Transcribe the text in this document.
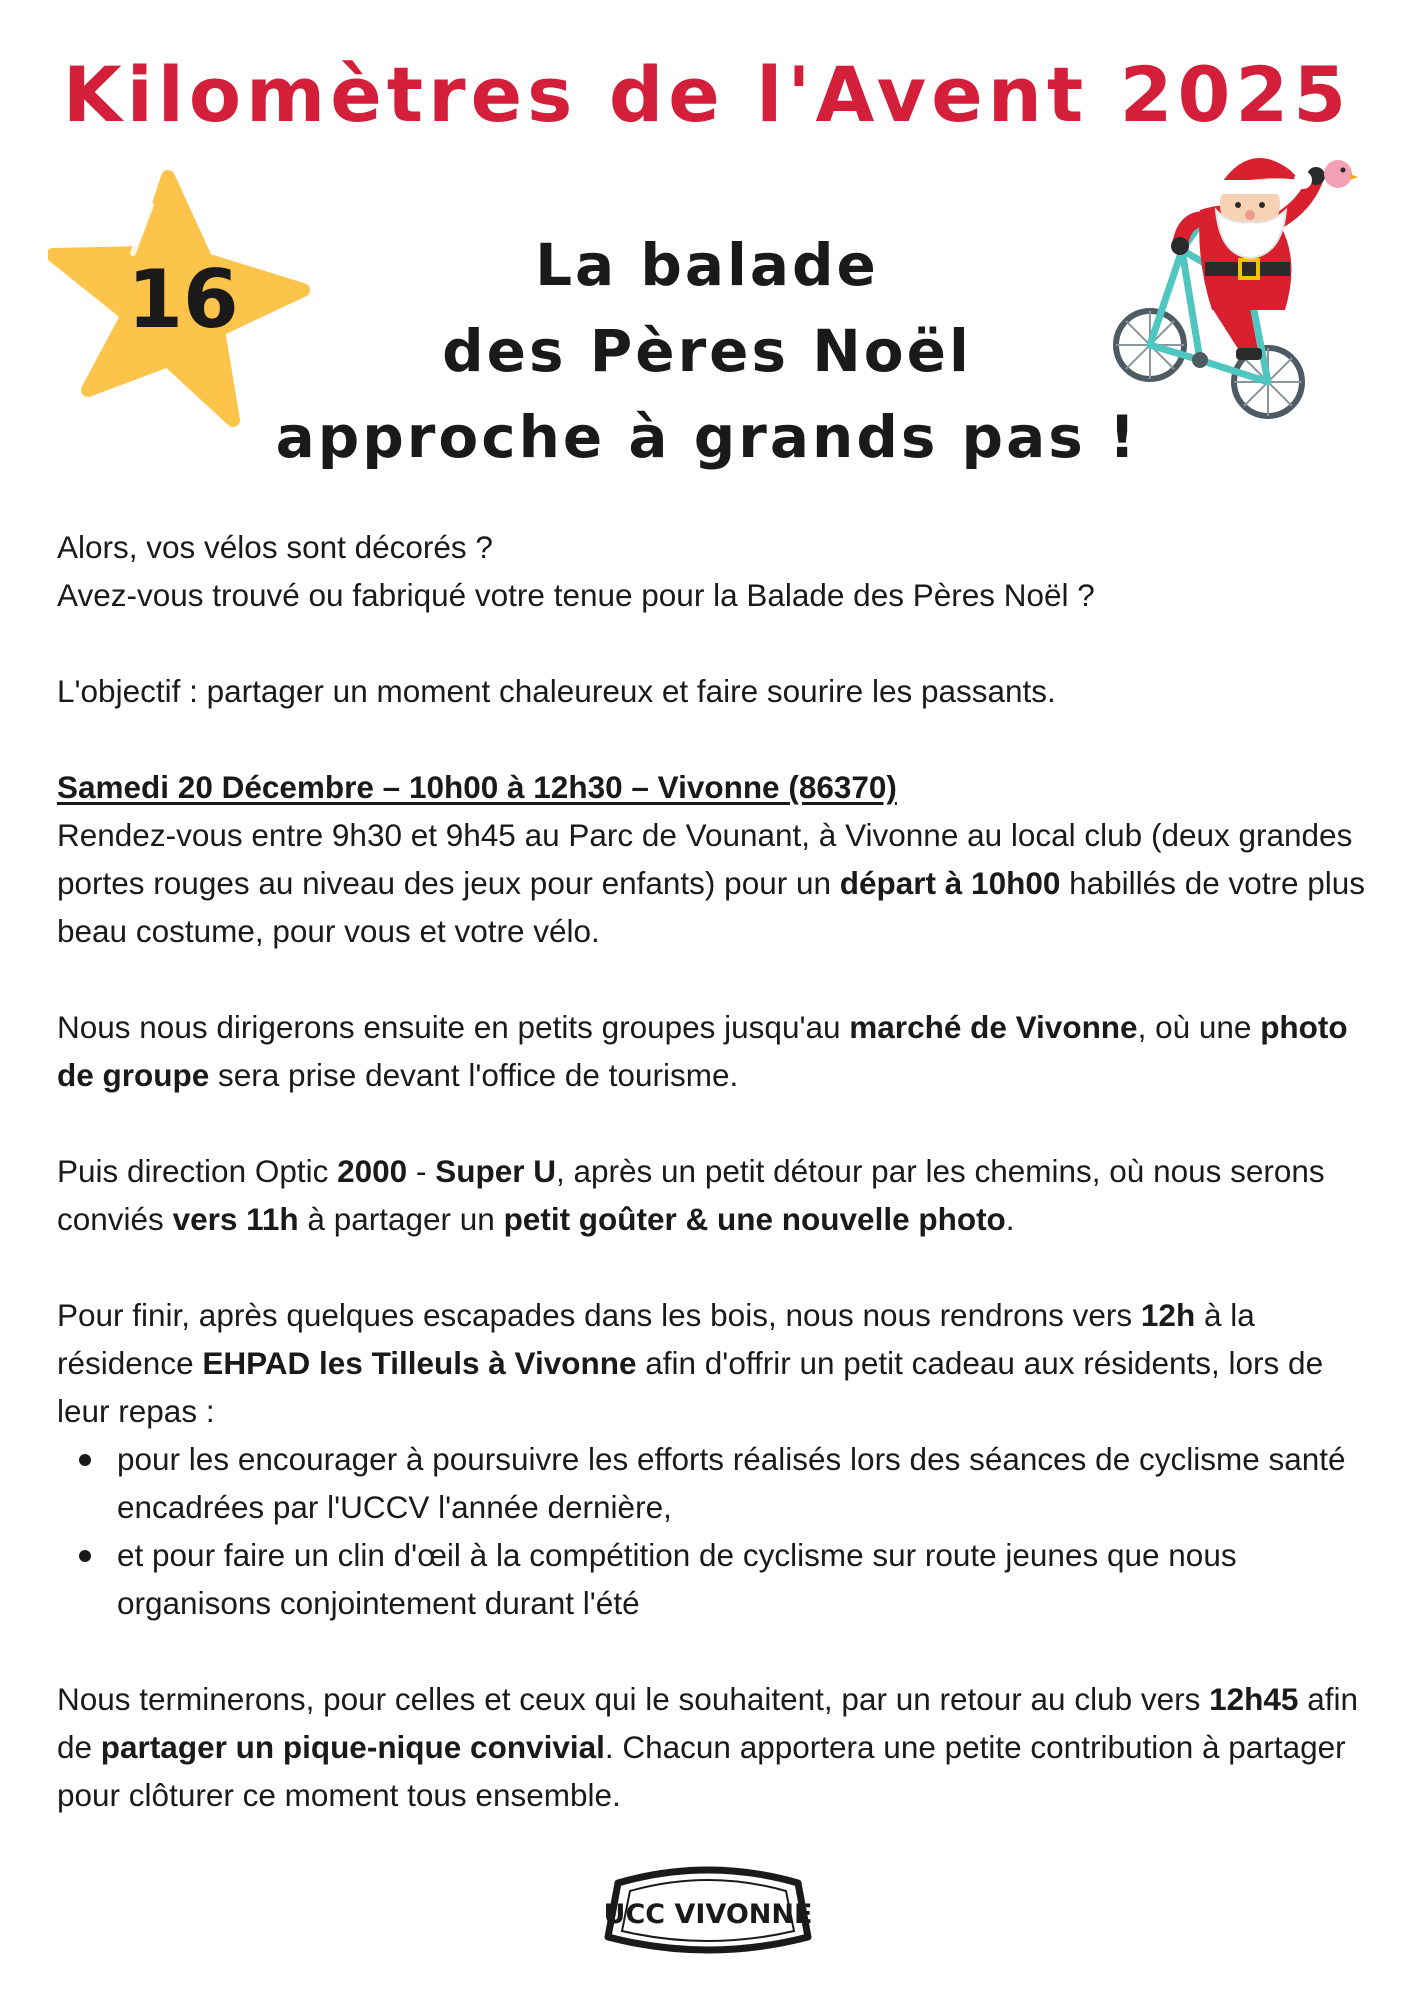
Kilomètres de l'Avent 2025
16	La balade
des Pères Noël
approche à grands pas !

Alors, vos vélos sont décorés ?

Avez-vous trouvé ou fabriqué votre tenue pour la Balade des Pères Noël ?

L'objectif : partager un moment chaleureux et faire sourire les passants.

Samedi 20 Décembre – 10h00 à 12h30 – Vivonne (86370)

Rendez-vous entre 9h30 et 9h45 au Parc de Vounant, à Vivonne au local club (deux grandes portes rouges au niveau des jeux pour enfants) pour un départ à 10h00 habillés de votre plus beau costume, pour vous et votre vélo.

Nous nous dirigerons ensuite en petits groupes jusqu'au marché de Vivonne, où une photo de groupe sera prise devant l'office de tourisme.

Puis direction Optic 2000 - Super U, après un petit détour par les chemins, où nous serons conviés vers 11h à partager un petit goûter & une nouvelle photo.

Pour finir, après quelques escapades dans les bois, nous nous rendrons vers 12h à la résidence EHPAD les Tilleuls à Vivonne afin d'offrir un petit cadeau aux résidents, lors de leur repas :

pour les encourager à poursuivre les efforts réalisés lors des séances de cyclisme santé encadrées par l'UCCV l'année dernière,
et pour faire un clin d'œil à la compétition de cyclisme sur route jeunes que nous organisons conjointement durant l'été

Nous terminerons, pour celles et ceux qui le souhaitent, par un retour au club vers 12h45 afin de partager un pique-nique convivial. Chacun apportera une petite contribution à partager pour clôturer ce moment tous ensemble.

UCC VIVONNE
